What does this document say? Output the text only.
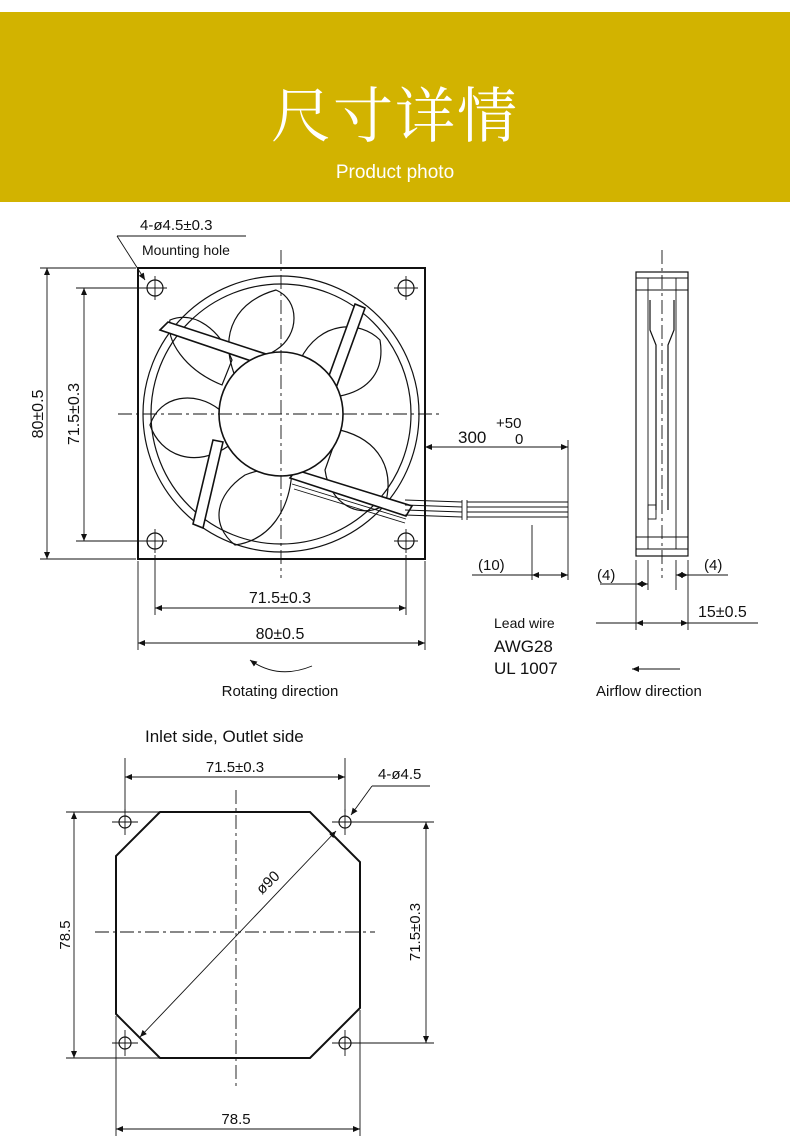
尺寸详情
Product photo
4-ø4.5±0.3
Mounting hole
300
+50
0
(10)
Lead wire
AWG28
UL 1007
80±0.5 71.5±0.3
71.5±0.3
80±0.5
Rotating direction
(4)
(4)
15±0.5
Airflow direction
Inlet side, Outlet side
ø90
71.5±0.3	4-ø4.5
78.5	71.5±0.3
78.5
